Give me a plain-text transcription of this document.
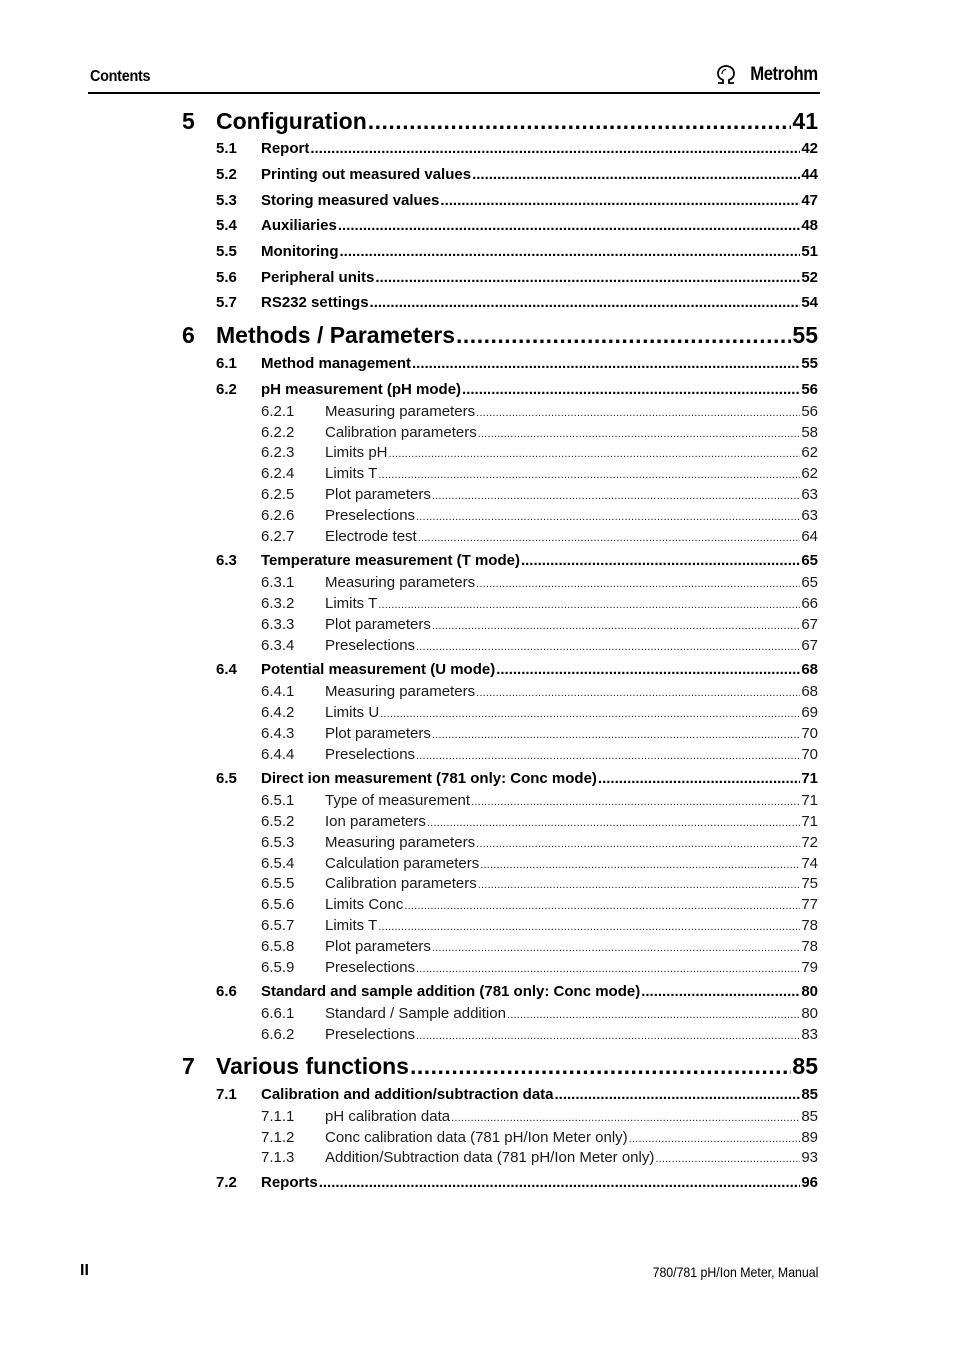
Contents	Metrohm
5 Configuration .....	41
5.1 Report .....	42
5.2 Printing out measured values .....	44
5.3 Storing measured values .....	47
5.4 Auxiliaries .....	48
5.5 Monitoring .....	51
5.6 Peripheral units .....	52
5.7 RS232 settings .....	54
6 Methods / Parameters .....	55
6.1 Method management .....	55
6.2 pH measurement (pH mode) .....	56
6.2.1 Measuring parameters .....	56
6.2.2 Calibration parameters .....	58
6.2.3 Limits pH .....	62
6.2.4 Limits T .....	62
6.2.5 Plot parameters .....	63
6.2.6 Preselections .....	63
6.2.7 Electrode test .....	64
6.3 Temperature measurement (T mode) .....	65
6.3.1 Measuring parameters .....	65
6.3.2 Limits T .....	66
6.3.3 Plot parameters .....	67
6.3.4 Preselections .....	67
6.4 Potential measurement (U mode) .....	68
6.4.1 Measuring parameters .....	68
6.4.2 Limits U .....	69
6.4.3 Plot parameters .....	70
6.4.4 Preselections .....	70
6.5 Direct ion measurement (781 only: Conc mode) .....	71
6.5.1 Type of measurement .....	71
6.5.2 Ion parameters .....	71
6.5.3 Measuring parameters .....	72
6.5.4 Calculation parameters .....	74
6.5.5 Calibration parameters .....	75
6.5.6 Limits Conc .....	77
6.5.7 Limits T .....	78
6.5.8 Plot parameters .....	78
6.5.9 Preselections .....	79
6.6 Standard and sample addition (781 only: Conc mode) .....	80
6.6.1 Standard / Sample addition .....	80
6.6.2 Preselections .....	83
7 Various functions .....	85
7.1 Calibration and addition/subtraction data .....	85
7.1.1 pH calibration data .....	85
7.1.2 Conc calibration data (781 pH/Ion Meter only) .....	89
7.1.3 Addition/Subtraction data (781 pH/Ion Meter only) .....	93
7.2 Reports .....	96
II	780/781 pH/Ion Meter, Manual
